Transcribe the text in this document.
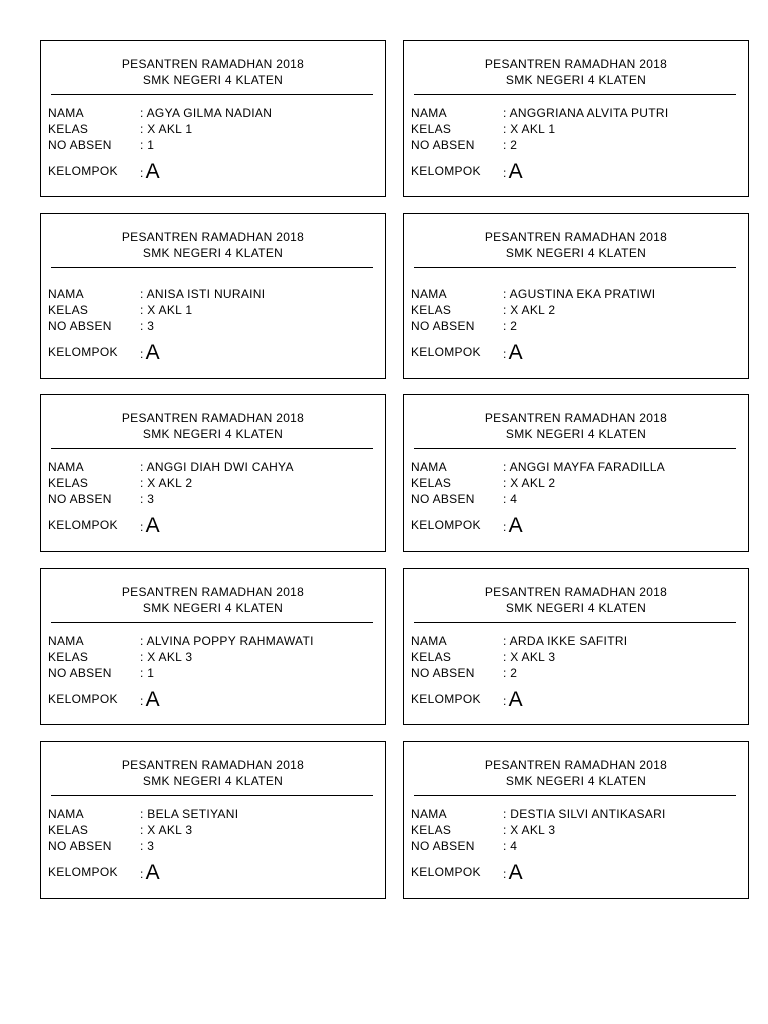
PESANTREN RAMADHAN 2018
SMK NEGERI 4 KLATEN
NAMA	: AGYA GILMA NADIAN
KELAS	: X AKL 1
NO ABSEN : 1
KELOMPOK :A
PESANTREN RAMADHAN 2018
SMK NEGERI 4 KLATEN
NAMA	: ANGGRIANA ALVITA PUTRI
KELAS	: X AKL 1
NO ABSEN : 2
KELOMPOK :A
PESANTREN RAMADHAN 2018
SMK NEGERI 4 KLATEN
NAMA	: ANISA ISTI NURAINI
KELAS	: X AKL 1
NO ABSEN : 3
KELOMPOK :A
PESANTREN RAMADHAN 2018
SMK NEGERI 4 KLATEN
NAMA	: AGUSTINA EKA PRATIWI
KELAS	: X AKL 2
NO ABSEN : 2
KELOMPOK :A
PESANTREN RAMADHAN 2018
SMK NEGERI 4 KLATEN
NAMA	: ANGGI DIAH DWI CAHYA
KELAS	: X AKL 2
NO ABSEN : 3
KELOMPOK :A
PESANTREN RAMADHAN 2018
SMK NEGERI 4 KLATEN
NAMA	: ANGGI MAYFA FARADILLA
KELAS	: X AKL 2
NO ABSEN : 4
KELOMPOK :A
PESANTREN RAMADHAN 2018
SMK NEGERI 4 KLATEN
NAMA	: ALVINA POPPY RAHMAWATI
KELAS	: X AKL 3
NO ABSEN : 1
KELOMPOK :A
PESANTREN RAMADHAN 2018
SMK NEGERI 4 KLATEN
NAMA	: ARDA IKKE SAFITRI
KELAS	: X AKL 3
NO ABSEN : 2
KELOMPOK :A
PESANTREN RAMADHAN 2018
SMK NEGERI 4 KLATEN
NAMA	: BELA SETIYANI
KELAS	: X AKL 3
NO ABSEN : 3
KELOMPOK :A
PESANTREN RAMADHAN 2018
SMK NEGERI 4 KLATEN
NAMA	: DESTIA SILVI ANTIKASARI
KELAS	: X AKL 3
NO ABSEN : 4
KELOMPOK :A
